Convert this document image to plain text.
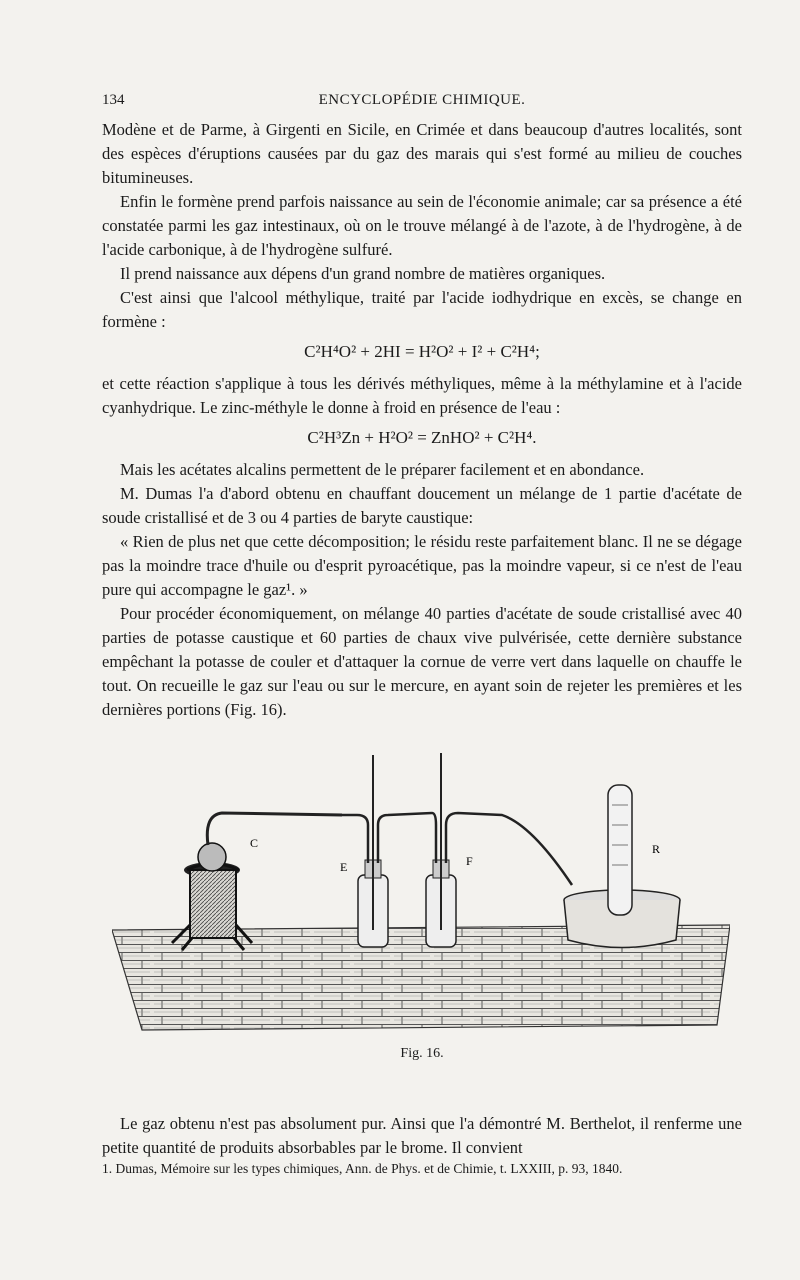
134	ENCYCLOPÉDIE CHIMIQUE.

Modène et de Parme, à Girgenti en Sicile, en Crimée et dans beaucoup d'autres localités, sont des espèces d'éruptions causées par du gaz des marais qui s'est formé au milieu de couches bitumineuses.

Enfin le formène prend parfois naissance au sein de l'économie animale; car sa présence a été constatée parmi les gaz intestinaux, où on le trouve mélangé à de l'azote, à de l'hydrogène, à de l'acide carbonique, à de l'hydrogène sulfuré.

Il prend naissance aux dépens d'un grand nombre de matières organiques.

C'est ainsi que l'alcool méthylique, traité par l'acide iodhydrique en excès, se change en formène :

C²H⁴O² + 2HI = H²O² + I² + C²H⁴;

et cette réaction s'applique à tous les dérivés méthyliques, même à la méthylamine et à l'acide cyanhydrique. Le zinc-méthyle le donne à froid en présence de l'eau :

C²H³Zn + H²O² = ZnHO² + C²H⁴.

Mais les acétates alcalins permettent de le préparer facilement et en abondance.

M. Dumas l'a d'abord obtenu en chauffant doucement un mélange de 1 partie d'acétate de soude cristallisé et de 3 ou 4 parties de baryte caustique:

« Rien de plus net que cette décomposition; le résidu reste parfaitement blanc. Il ne se dégage pas la moindre trace d'huile ou d'esprit pyroacétique, pas la moindre vapeur, si ce n'est de l'eau pure qui accompagne le gaz¹. »

Pour procéder économiquement, on mélange 40 parties d'acétate de soude cristallisé avec 40 parties de potasse caustique et 60 parties de chaux vive pulvérisée, cette dernière substance empêchant la potasse de couler et d'attaquer la cornue de verre vert dans laquelle on chauffe le tout. On recueille le gaz sur l'eau ou sur le mercure, en ayant soin de rejeter les premières et les dernières portions (Fig. 16).

C
E	F
R
Fig. 16.

Le gaz obtenu n'est pas absolument pur. Ainsi que l'a démontré M. Berthelot, il renferme une petite quantité de produits absorbables par le brome. Il convient

1. Dumas, Mémoire sur les types chimiques, Ann. de Phys. et de Chimie, t. LXXIII, p. 93, 1840.
